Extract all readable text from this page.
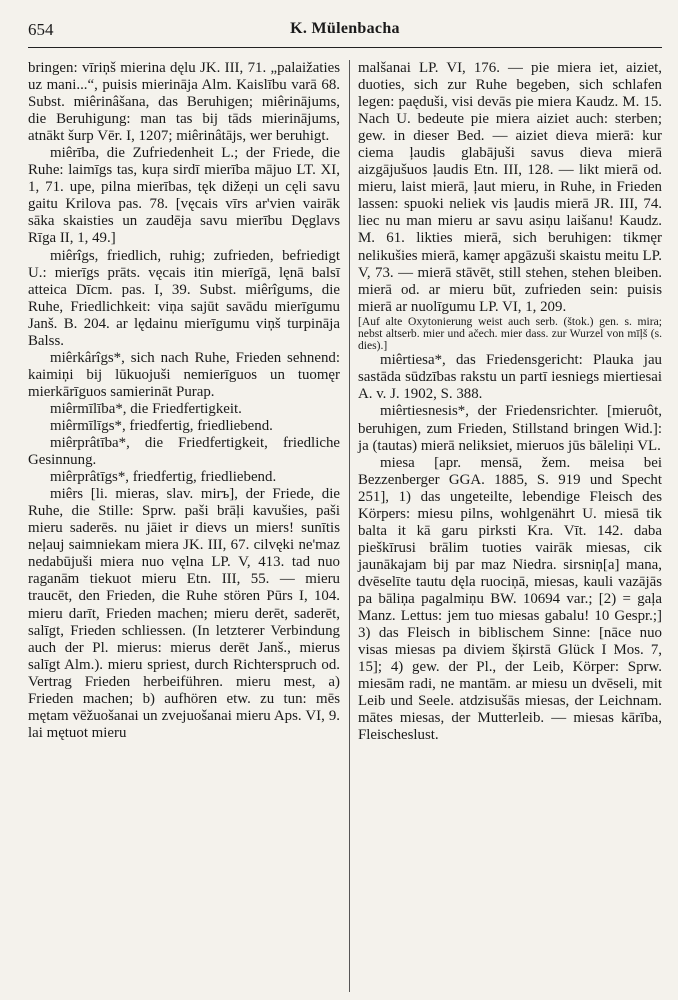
654	K. Mülenbacha
bringen: vīriņš mierina dęlu JK. III, 71. „palaižaties uz mani...“, puisis mierināja Alm. Kaislību varā 68. Subst. miêrinâšana, das Beruhigen; miêrinājums, die Beruhigung: man tas bij tāds mierinājums, atnākt šurp Vēr. I, 1207; miêrinâtājs, wer beruhigt.
miêrība, die Zufriedenheit L.; der Friede, die Ruhe: laimīgs tas, kuŗa sirdī mierība mājuo LT. XI, 1, 71. upe, pilna mierības, tęk dižeņi un cęli savu gaitu Krilova pas. 78. [vęcais vīrs ar'vien vairāk sāka skaisties un zaudēja savu mierību Dęglavs Rīga II, 1, 49.]
miêrîgs, friedlich, ruhig; zufrieden, befriedigt U.: mierīgs prāts. vęcais itin mierīgā, lęnā balsī atteica Dīcm. pas. I, 39. Subst. miêrîgums, die Ruhe, Friedlichkeit: viņa sajūt savādu mierīgumu Janš. B. 204. ar lędainu mierīgumu viņš turpināja Balss.
miêrkârîgs*, sich nach Ruhe, Frieden sehnend: kaimiņi bij lūkuojuši nemierīguos un tuomęr mierkārīguos samierināt Purap.
miêrmīlība*, die Friedfertigkeit.
miêrmīlīgs*, friedfertig, friedliebend.
miêrprâtība*, die Friedfertigkeit, friedliche Gesinnung.
miêrprâtīgs*, friedfertig, friedliebend.
miêrs [li. mieras, slav. mirъ], der Friede, die Ruhe, die Stille: Sprw. paši brāļi kavušies, paši mieru saderēs. nu jāiet ir dievs un miers! sunītis neļauj saimniekam miera JK. III, 67. cilvęki ne'maz nedabūjuši miera nuo vęlna LP. V, 413. tad nuo raganām tiekuot mieru Etn. III, 55. — mieru traucēt, den Frieden, die Ruhe stören Pūrs I, 104. mieru darīt, Frieden machen; mieru derēt, saderēt, salīgt, Frieden schliessen. (In letzterer Verbindung auch der Pl. mierus: mierus derēt Janš., mierus salīgt Alm.). mieru spriest, durch Richterspruch od. Vertrag Frieden herbeiführen. mieru mest, a) Frieden machen; b) aufhören etw. zu tun: mēs mętam vēžuošanai un zvejuošanai mieru Aps. VI, 9. lai mętuot mieru
malšanai LP. VI, 176. — pie miera iet, aiziet, duoties, sich zur Ruhe begeben, sich schlafen legen: paęduši, visi devās pie miera Kaudz. M. 15. Nach U. bedeute pie miera aiziet auch: sterben; gew. in dieser Bed. — aiziet dieva mierā: kur ciema ļaudis glabājuši savus dieva mierā aizgājušuos ļaudis Etn. III, 128. — likt mierā od. mieru, laist mierā, ļaut mieru, in Ruhe, in Frieden lassen: spuoki neliek vis ļaudis mierā JR. III, 74. liec nu man mieru ar savu asiņu laišanu! Kaudz. M. 61. likties mierā, sich beruhigen: tikmęr nelikušies mierā, kamęr apgāzuši skaistu meitu LP. V, 73. — mierā stāvēt, still stehen, stehen bleiben. mierā od. ar mieru būt, zufrieden sein: puisis mierā ar nuolīgumu LP. VI, 1, 209.
[Auf alte Oxytonierung weist auch serb. (štok.) gen. s. mira; nebst altserb. mier und ačech. mier dass. zur Wurzel von mīļš (s. dies).]
miêrtiesa*, das Friedensgericht: Plauka jau sastāda sūdzības rakstu un partī iesniegs miertiesai A. v. J. 1902, S. 388.
miêrtiesnesis*, der Friedensrichter. [mieruôt, beruhigen, zum Frieden, Stillstand bringen Wid.]: ja (tautas) mierā neliksiet, mieruos jūs bāleliņi VL.
miesa [apr. mensā, žem. meisa bei Bezzenberger GGA. 1885, S. 919 und Specht 251], 1) das ungeteilte, lebendige Fleisch des Körpers: miesu pilns, wohlgenährt U. miesā tik balta it kā garu pirksti Kra. Vīt. 142. daba pieškīrusi brālim tuoties vairāk miesas, cik jaunākajam bij par maz Niedra. sirsniņ[a] mana, dvēselīte tautu dęla ruociņā, miesas, kauli vazājās pa bāliņa pagalmiņu BW. 10694 var.; [2) = gaļa Manz. Lettus: jem tuo miesas gabalu! 10 Gespr.;] 3) das Fleisch in biblischem Sinne: [nāce nuo visas miesas pa diviem šķirstā Glück I Mos. 7, 15]; 4) gew. der Pl., der Leib, Körper: Sprw. miesām radi, ne mantām. ar miesu un dvēseli, mit Leib und Seele. atdzisušās miesas, der Leichnam. mātes miesas, der Mutterleib. — miesas kārība, Fleischeslust.
